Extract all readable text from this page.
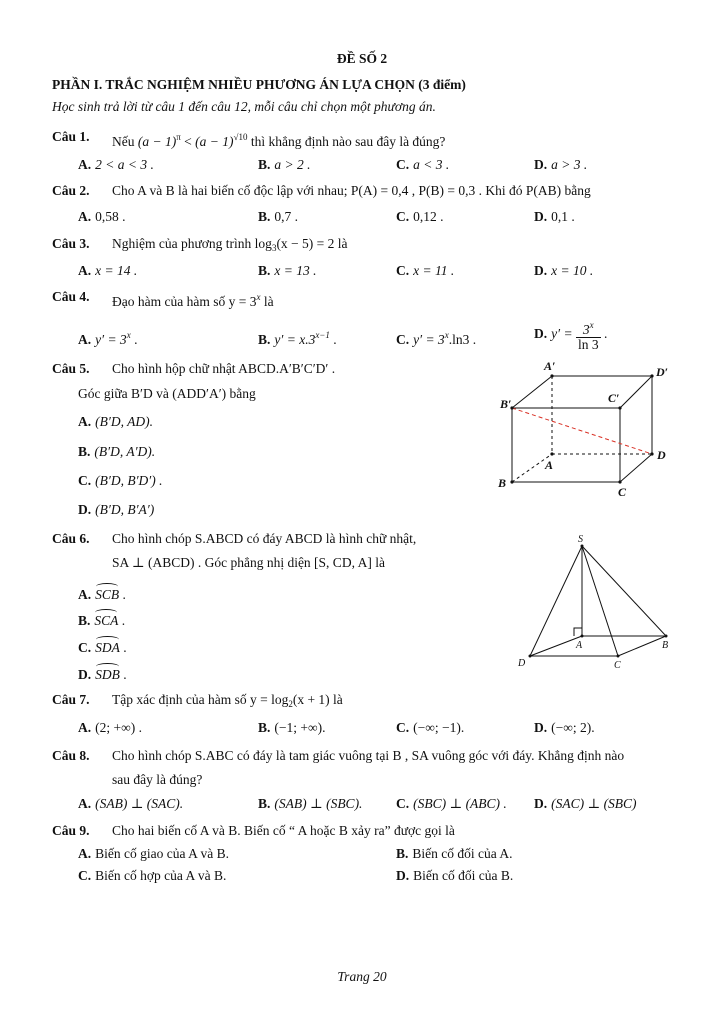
ĐỀ SỐ 2
PHẦN I. TRẮC NGHIỆM NHIỀU PHƯƠNG ÁN LỰA CHỌN (3 điểm)
Học sinh trả lời từ câu 1 đến câu 12, mỗi câu chỉ chọn một phương án.
Câu 1. Nếu $(a - 1)^\pi < (a - 1)^{√10}$ thì khẳng định nào sau đây là đúng?
A. 2 < a < 3 .	B. a > 2 .	C. a < 3 .	D. a > 3 .
Câu 2. Cho A và B là hai biến cố độc lập với nhau; P(A) = 0,4 , P(B) = 0,3 . Khi đó P(AB) bằng
A. 0,58 .	B. 0,7 .	C. 0,12 .	D. 0,1 .
Câu 3. Nghiệm của phương trình $\log_3(x - 5) = 2$ là
A. x = 14 .	B. x = 13 .	C. x = 11 .	D. x = 10 .
Câu 4. Đạo hàm của hàm số $y = 3^x$ là
A. $y' = 3^x$ .	B. $y' = x.3^{x-1}$ .	C. $y' = 3^x.\ln 3$ .	D. $y' = \frac{3^x}{\ln 3}$ .
Câu 5. Cho hình hộp chữ nhật ABCD.A′B′C′D′ .
Góc giữa B′D và (ADD′A′) bằng
A. (B′D, AD).
B. (B′D, A′D).
C. (B′D, B′D′) .
D. (B′D, B′A′)
A′	D′
B′	C′
A
D
B
C
Câu 6. Cho hình chóp S.ABCD có đáy ABCD là hình chữ nhật,
SA ⊥ (ABCD) . Góc phẳng nhị diện [S, CD, A] là
A. SCB .
B. SCA .
C. SDA .
D. SDB .
S
A	B
D	C
Câu 7. Tập xác định của hàm số $y = \log_2(x + 1)$ là
A. (2; +∞) .	B. (−1; +∞).	C. (−∞; −1).	D. (−∞; 2).
Câu 8. Cho hình chóp S.ABC có đáy là tam giác vuông tại B , SA vuông góc với đáy. Khẳng định nào
sau đây là đúng?
A. (SAB) ⊥ (SAC).	B. (SAB) ⊥ (SBC). C. (SBC) ⊥ (ABC) . D. (SAC) ⊥ (SBC)
Câu 9. Cho hai biến cố A và B. Biến cố “ A hoặc B xảy ra” được gọi là
A. Biến cố giao của A và B.	B. Biến cố đối của A.
C. Biến cố hợp của A và B.	D. Biến cố đối của B.
Trang 20
